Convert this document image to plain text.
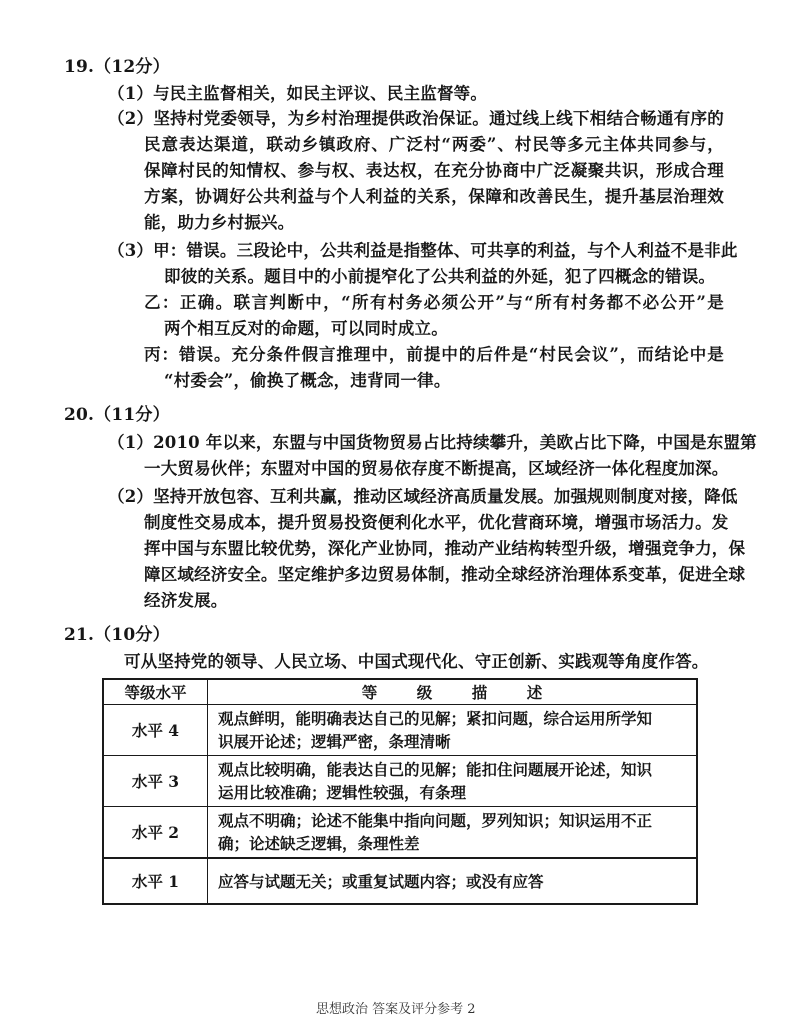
19.（12分）
（1）与民主监督相关，如民主评议、民主监督等。
（2）坚持村党委领导，为乡村治理提供政治保证。通过线上线下相结合畅通有序的
民意表达渠道，联动乡镇政府、广泛村“两委”、村民等多元主体共同参与，
保障村民的知情权、参与权、表达权，在充分协商中广泛凝聚共识，形成合理
方案，协调好公共利益与个人利益的关系，保障和改善民生，提升基层治理效
能，助力乡村振兴。
（3）甲：错误。三段论中，公共利益是指整体、可共享的利益，与个人利益不是非此
即彼的关系。题目中的小前提窄化了公共利益的外延，犯了四概念的错误。
乙：正确。联言判断中，“所有村务必须公开”与“所有村务都不必公开”是
两个相互反对的命题，可以同时成立。
丙：错误。充分条件假言推理中，前提中的后件是“村民会议”，而结论中是
“村委会”，偷换了概念，违背同一律。
20.（11分）
（1）2010 年以来，东盟与中国货物贸易占比持续攀升，美欧占比下降，中国是东盟第
一大贸易伙伴；东盟对中国的贸易依存度不断提高，区域经济一体化程度加深。
（2）坚持开放包容、互利共赢，推动区域经济高质量发展。加强规则制度对接，降低
制度性交易成本，提升贸易投资便利化水平，优化营商环境，增强市场活力。发
挥中国与东盟比较优势，深化产业协同，推动产业结构转型升级，增强竞争力，保
障区域经济安全。坚定维护多边贸易体制，推动全球经济治理体系变革，促进全球
经济发展。
21.（10分）
可从坚持党的领导、人民立场、中国式现代化、守正创新、实践观等角度作答。
等级水平	等 级 描 述
水平 4	观点鲜明，能明确表达自己的见解；紧扣问题，综合运用所学知
识展开论述；逻辑严密，条理清晰

水平 3	观点比较明确，能表达自己的见解；能扣住问题展开论述，知识
运用比较准确；逻辑性较强，有条理

水平 2	观点不明确；论述不能集中指向问题，罗列知识；知识运用不正
确；论述缺乏逻辑，条理性差

水平 1	应答与试题无关；或重复试题内容；或没有应答
思想政治 答案及评分参考 2
